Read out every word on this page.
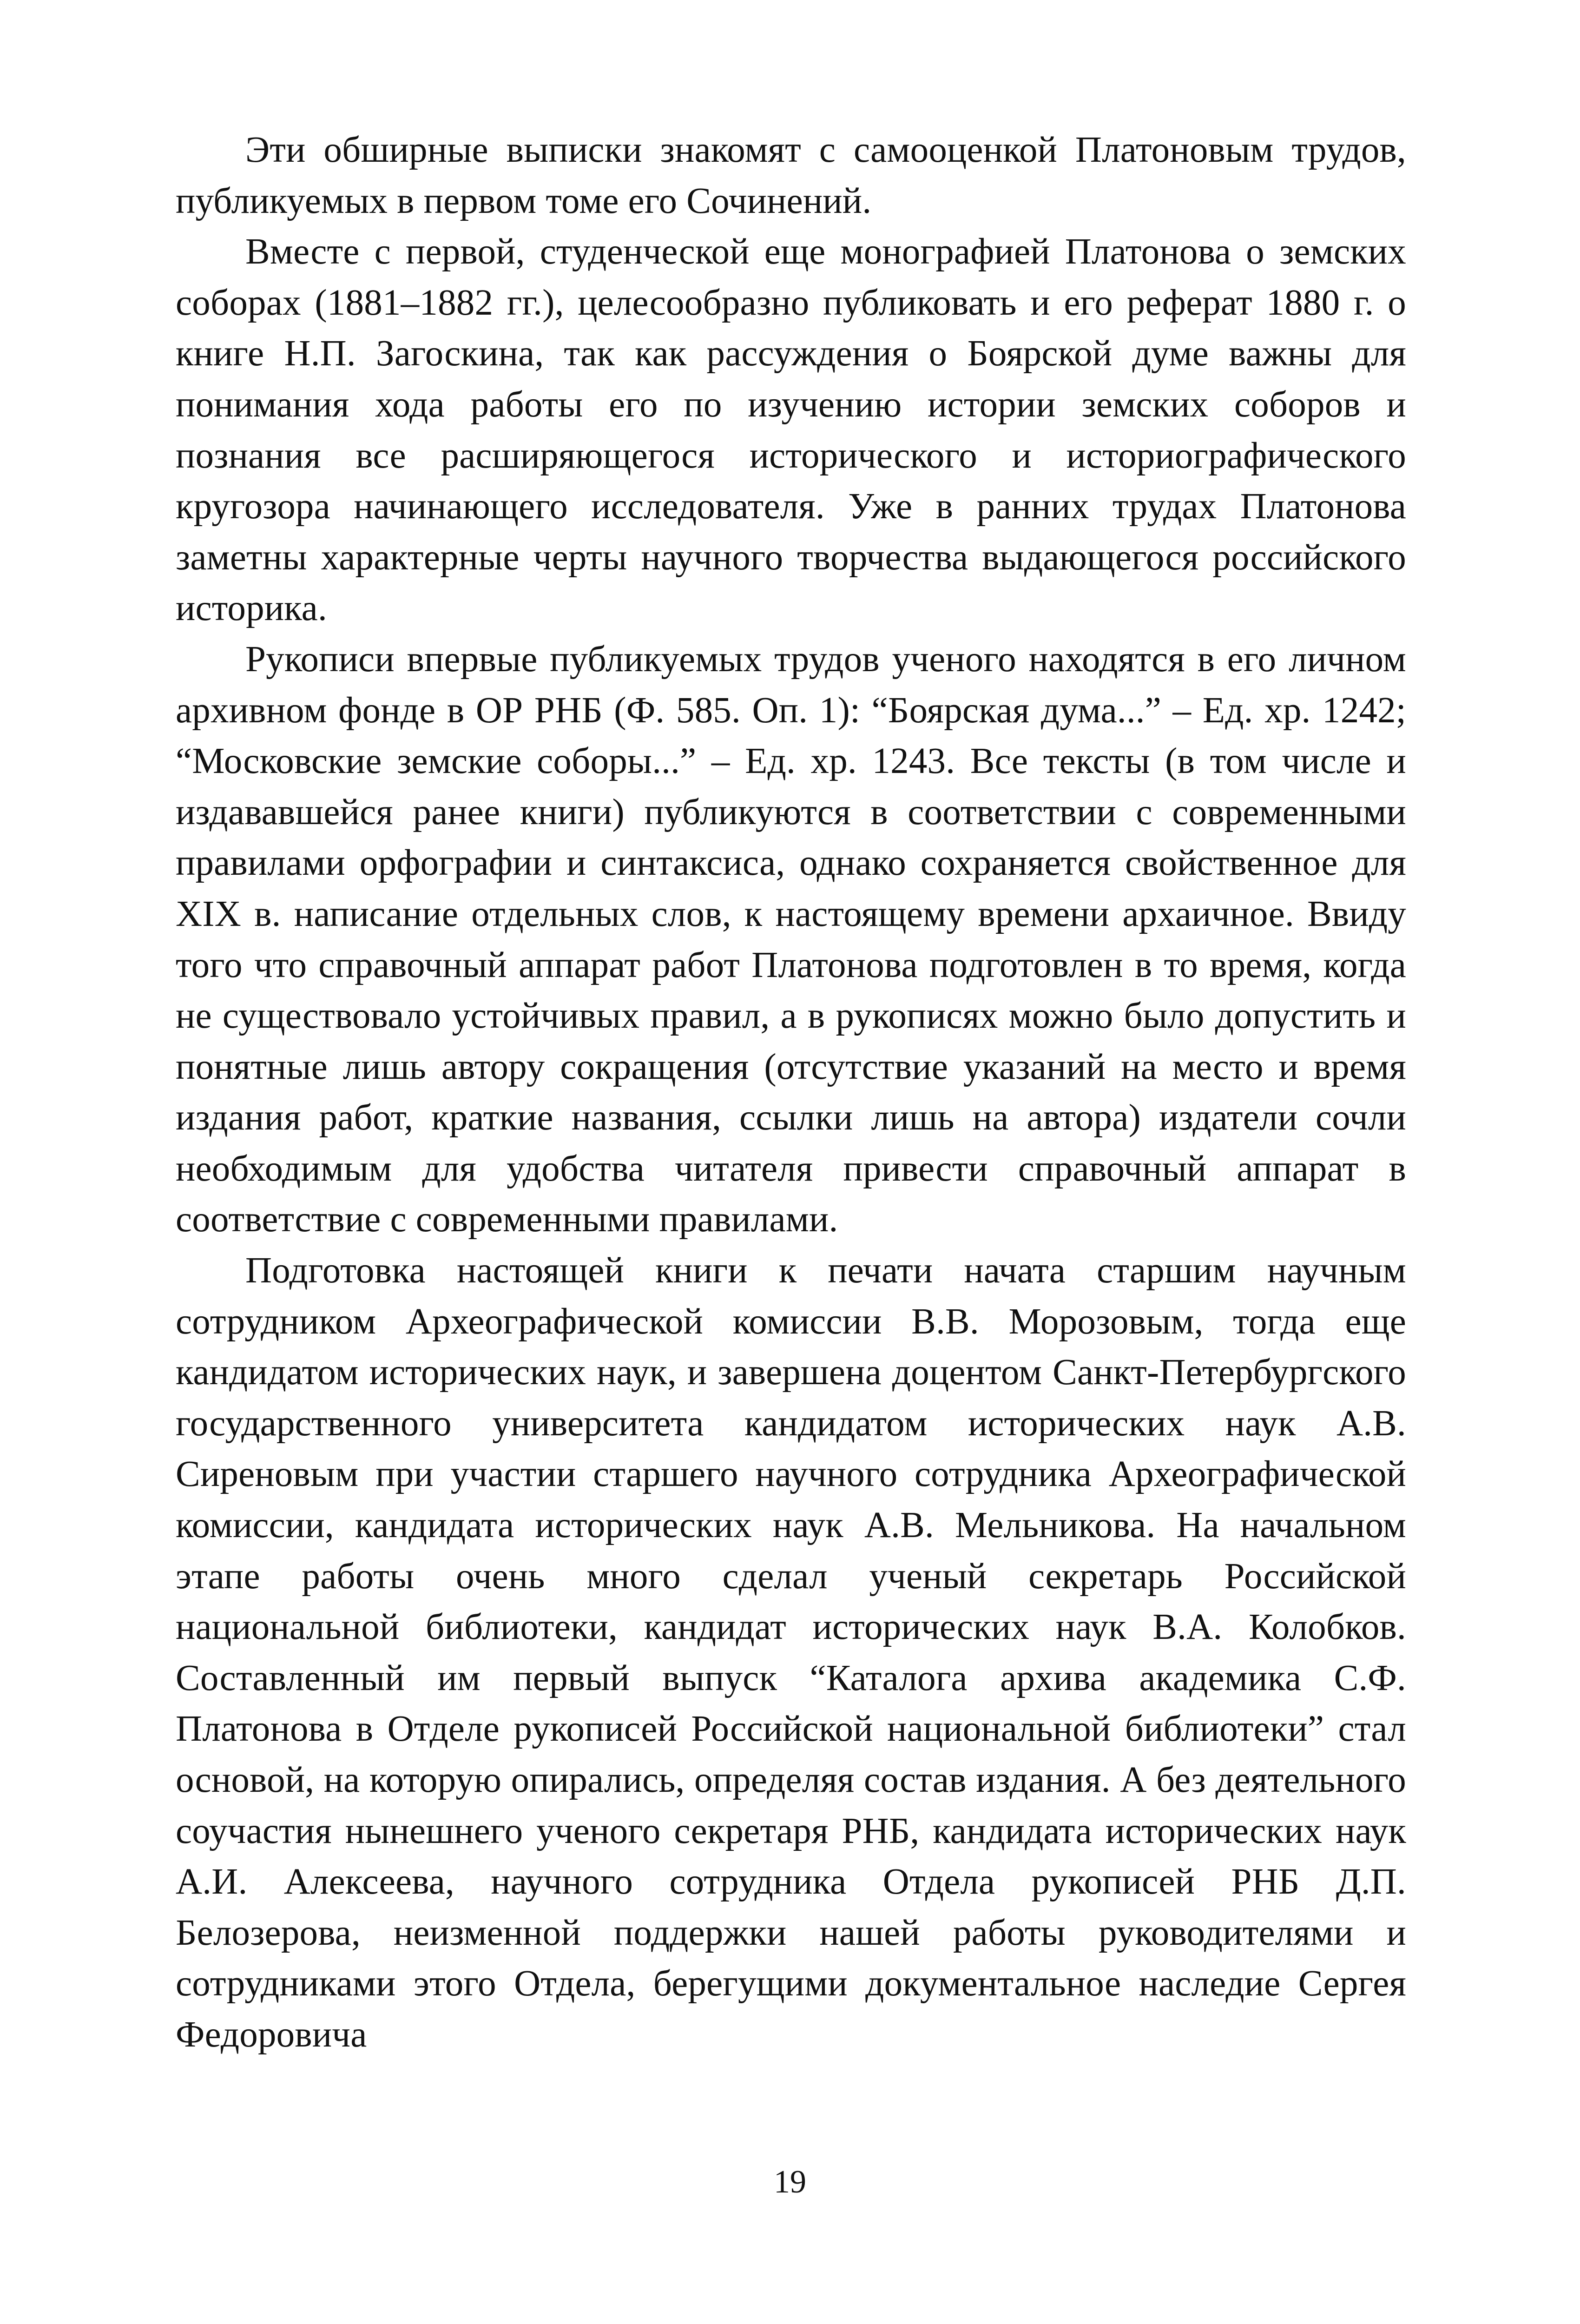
Эти обширные выписки знакомят с самооценкой Платоновым трудов, публикуемых в первом томе его Сочинений.

Вместе с первой, студенческой еще монографией Платонова о земских соборах (1881–1882 гг.), целесообразно публиковать и его реферат 1880 г. о книге Н.П. Загоскина, так как рассуждения о Боярской думе важны для понимания хода работы его по изучению истории земских соборов и познания все расширяющегося исторического и историографического кругозора начинающего исследователя. Уже в ранних трудах Платонова заметны характерные черты научного творчества выдающегося российского историка.

Рукописи впервые публикуемых трудов ученого находятся в его личном архивном фонде в ОР РНБ (Ф. 585. Оп. 1): “Боярская дума...” – Ед. хр. 1242; “Московские земские соборы...” – Ед. хр. 1243. Все тексты (в том числе и издававшейся ранее книги) публикуются в соответствии с современными правилами орфографии и синтаксиса, однако сохраняется свойственное для XIX в. написание отдельных слов, к настоящему времени архаичное. Ввиду того что справочный аппарат работ Платонова подготовлен в то время, когда не существовало устойчивых правил, а в рукописях можно было допустить и понятные лишь автору сокращения (отсутствие указаний на место и время издания работ, краткие названия, ссылки лишь на автора) издатели сочли необходимым для удобства читателя привести справочный аппарат в соответствие с современными правилами.

Подготовка настоящей книги к печати начата старшим научным сотрудником Археографической комиссии В.В. Морозовым, тогда еще кандидатом исторических наук, и завершена доцентом Санкт-Петербургского государственного университета кандидатом исторических наук А.В. Сиреновым при участии старшего научного сотрудника Археографической комиссии, кандидата исторических наук А.В. Мельникова. На начальном этапе работы очень много сделал ученый секретарь Российской национальной библиотеки, кандидат исторических наук В.А. Колобков. Составленный им первый выпуск “Каталога архива академика С.Ф. Платонова в Отделе рукописей Российской национальной библиотеки” стал основой, на которую опирались, определяя состав издания. А без деятельного соучастия нынешнего ученого секретаря РНБ, кандидата исторических наук А.И. Алексеева, научного сотрудника Отдела рукописей РНБ Д.П. Белозерова, неизменной поддержки нашей работы руководителями и сотрудниками этого Отдела, берегущими документальное наследие Сергея Федоровича

19
